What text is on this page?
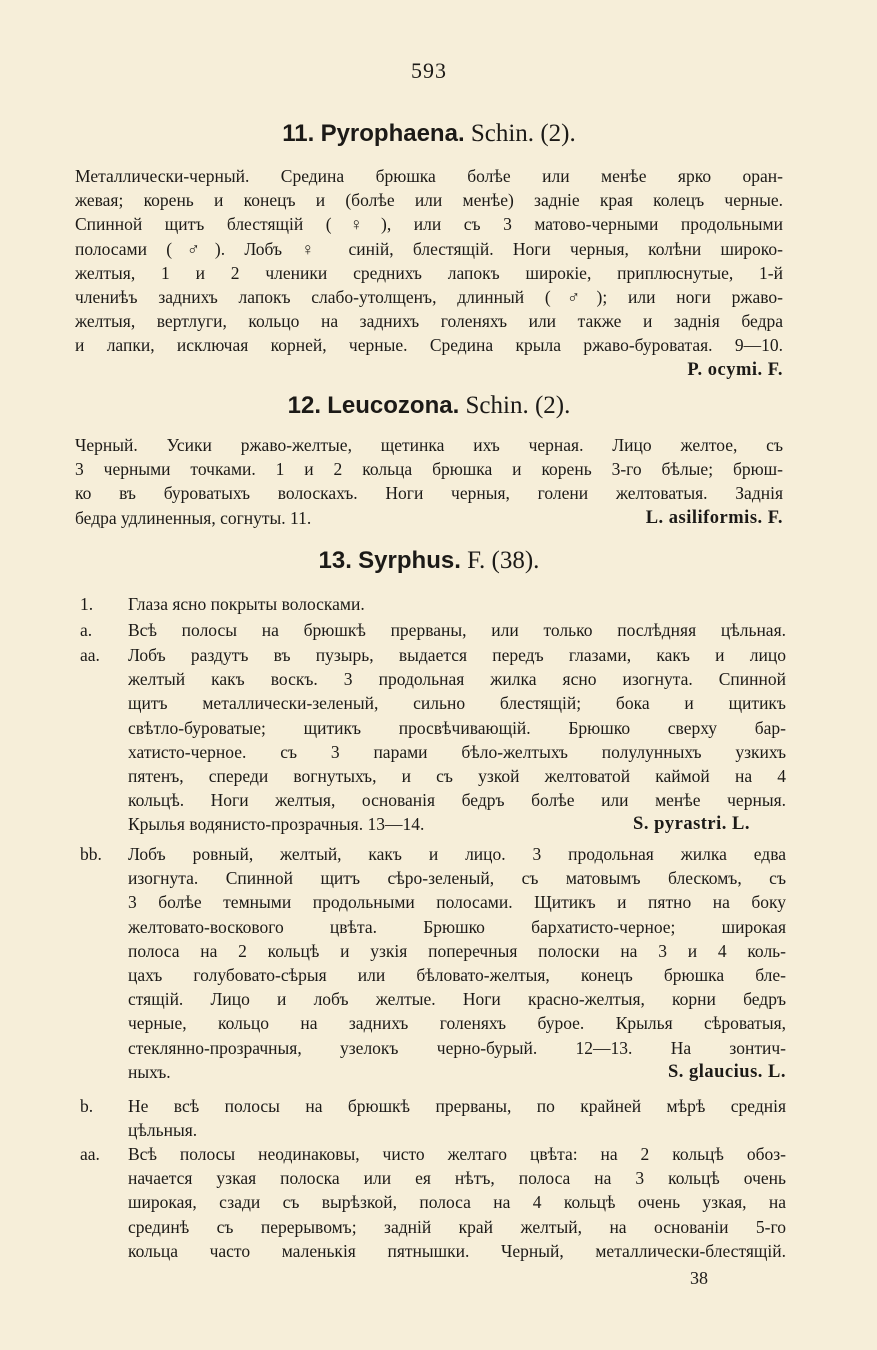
593
11. Pyrophaena. Schin. (2).
Металлически-черный. Средина брюшка болѣе или менѣе ярко оран-
жевая; корень и конецъ и (болѣе или менѣе) заднiе края колецъ черные.
Спинной щитъ блестящiй (♀), или съ 3 матово-черными продольными
полосами (♂). Лобъ ♀ синiй, блестящiй. Ноги черныя, колѣни широко-
желтыя, 1 и 2 членики среднихъ лапокъ широкiе, приплюснутые, 1-й
члениѣъ заднихъ лапокъ слабо-утолщенъ, длинный (♂); или ноги ржаво-
желтыя, вертлуги, кольцо на заднихъ голеняхъ или также и заднiя бедра
и лапки, исключая корней, черные. Средина крыла ржаво-буроватая. 9—10.
P. ocymi. F.
12. Leucozona. Schin. (2).
Черный. Усики ржаво-желтые, щетинка ихъ черная. Лицо желтое, съ
3 черными точками. 1 и 2 кольца брюшка и корень 3-го бѣлые; брюш-
ко въ буроватыхъ волоскахъ. Ноги черныя, голени желтоватыя. Заднiя
бедра удлиненныя, согнуты. 11.	L. asiliformis. F.
13. Syrphus. F. (38).
1.	Глаза ясно покрыты волосками.
a.	Всѣ полосы на брюшкѣ прерваны, или только послѣдняя цѣльная.
aa.	Лобъ раздутъ въ пузырь, выдается передъ глазами, какъ и лицо
желтый какъ воскъ. 3 продольная жилка ясно изогнута. Спинной
щитъ металлически-зеленый, сильно блестящiй; бока и щитикъ
свѣтло-буроватые; щитикъ просвѣчивающiй. Брюшко сверху бар-
хатисто-черное. съ 3 парами бѣло-желтыхъ полулунныхъ узкихъ
пятенъ, спереди вогнутыхъ, и съ узкой желтоватой каймой на 4
кольцѣ. Ноги желтыя, основанiя бедръ болѣе или менѣе черныя.
Крылья водянисто-прозрачныя. 13—14.	S. pyrastri. L.
bb.	Лобъ ровный, желтый, какъ и лицо. 3 продольная жилка едва
изогнута. Спинной щитъ сѣро-зеленый, съ матовымъ блескомъ, съ
3 болѣе темными продольными полосами. Щитикъ и пятно на боку
желтовато-воскового цвѣта. Брюшко бархатисто-черное; широкая
полоса на 2 кольцѣ и узкiя поперечныя полоски на 3 и 4 коль-
цахъ голубовато-сѣрыя или бѣловато-желтыя, конецъ брюшка бле-
стящiй. Лицо и лобъ желтые. Ноги красно-желтыя, корни бедръ
черные, кольцо на заднихъ голеняхъ бурое. Крылья сѣроватыя,
стеклянно-прозрачныя, узелокъ черно-бурый. 12—13. На зонтич-
ныхъ.	S. glaucius. L.
b.	Не всѣ полосы на брюшкѣ прерваны, по крайней мѣрѣ среднiя
цѣльныя.
aa.	Всѣ полосы неодинаковы, чисто желтаго цвѣта: на 2 кольцѣ обоз-
начается узкая полоска или ея нѣтъ, полоса на 3 кольцѣ очень
широкая, сзади съ вырѣзкой, полоса на 4 кольцѣ очень узкая, на
срединѣ съ перерывомъ; заднiй край желтый, на основанiи 5-го
кольца часто маленькiя пятнышки. Черный, металлически-блестящiй.
38
